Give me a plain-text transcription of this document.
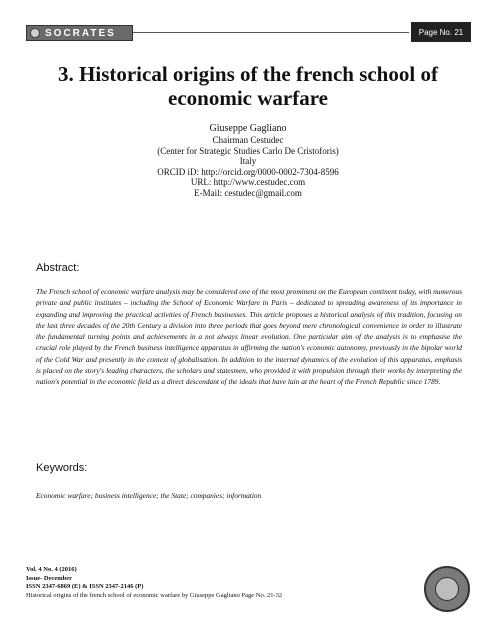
SOCRATES	Page No. 21
3. Historical origins of the french school of
economic warfare
Giuseppe Gagliano
Chairman Cestudec
(Center for Strategic Studies Carlo De Cristoforis)
Italy
ORCID iD: http://orcid.org/0000-0002-7304-8596
URL: http://www.cestudec.com
E-Mail: cestudec@gmail.com
Abstract:

The French school of economic warfare analysis may be considered one of the most prominent on the European continent today, with numerous private and public institutes – including the School of Economic Warfare in Paris – dedicated to spreading awareness of its importance in expanding and improving the practical activities of French businesses. This article proposes a historical analysis of this tradition, focusing on the last three decades of the 20th Century a division into three periods that goes beyond mere chronological convenience in order to illustrate the fundamental turning points and achievements in a not always linear evolution. One particular aim of the analysis is to emphasise the crucial role played by the French business intelligence apparatus in affirming the nation's economic autonomy, previously in the bipolar world of the Cold War and presently in the context of globalisation. In addition to the internal dynamics of the evolution of this apparatus, emphasis is placed on the story's leading characters, the scholars and statesmen, who provided it with propulsion through their works by interpreting the nation's potential in the economic field as a direct descendant of the ideals that have lain at the heart of the French Republic since 1789.

Keywords:
Economic warfare; business intelligence; the State; companies; information
Vol. 4 No. 4 (2016)
Issue- December
ISSN 2347-6869 (E) & ISSN 2347-2146 (P)
Historical origins of the french school of economic warfare by Giuseppe Gagliano Page No. 21-32
